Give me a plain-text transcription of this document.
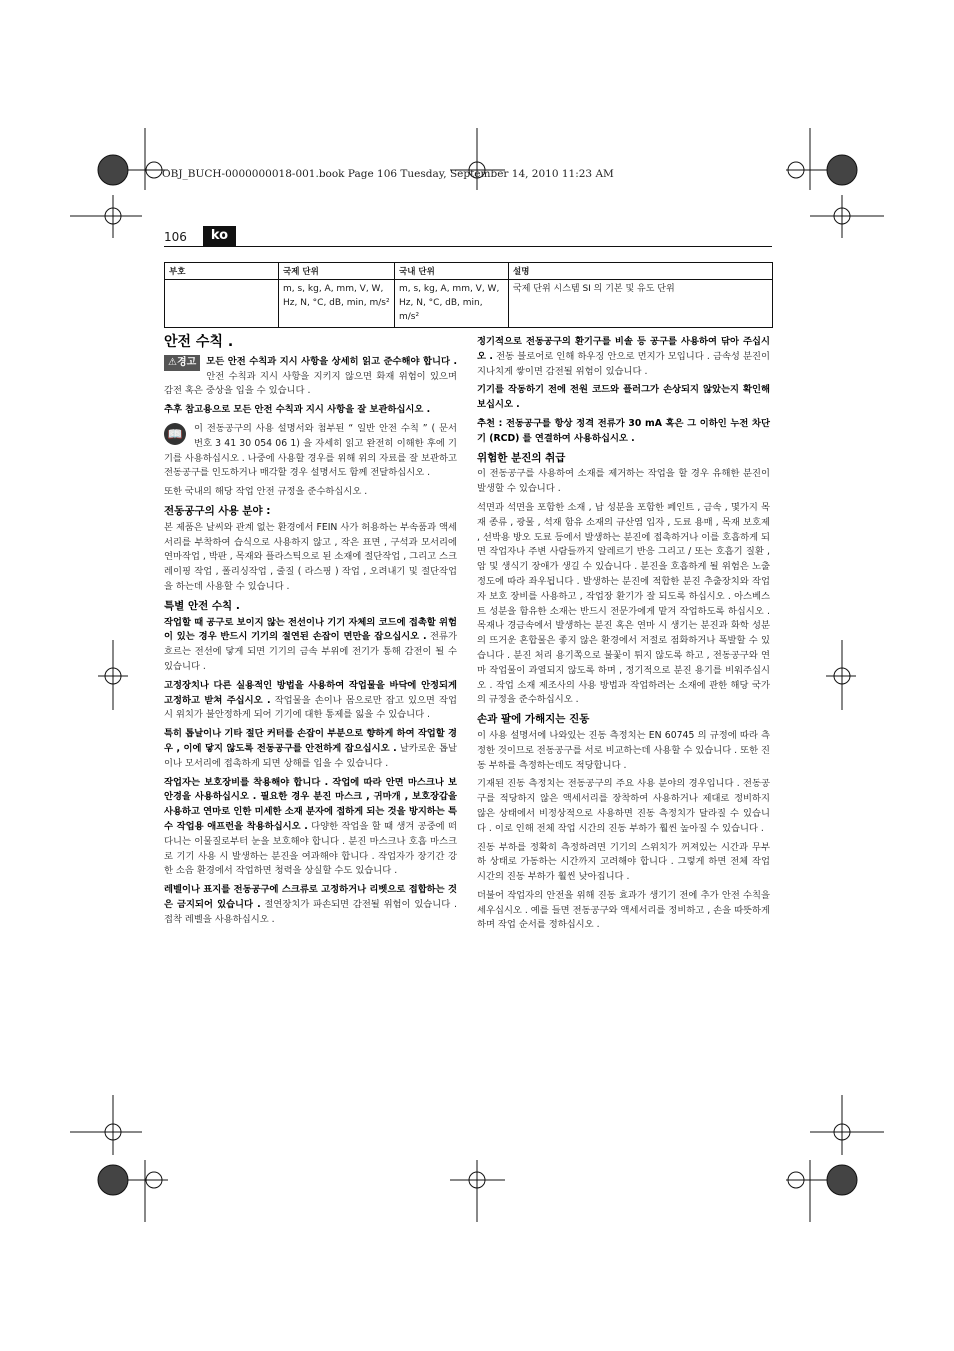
OBJ_BUCH-0000000018-001.book Page 106 Tuesday, September 14, 2010 11:23 AM
106	ko
부호	국제 단위	국내 단위	설명
	m, s, kg, A, mm, V, W, Hz, N, °C, dB, min, m/s²	m, s, kg, A, mm, V, W, Hz, N, °C, dB, min, m/s²	국제 단위 시스템 SI 의 기본 및 유도 단위
안전 수칙 .

⚠경고	모든 안전 수칙과 지시 사항을 상세히 읽고 준수해야 합니다 . 안전 수칙과 지시 사항을 지키지 않으면 화재 위험이 있으며 감전 혹은 중상을 입을 수 있습니다 .

추후 참고용으로 모든 안전 수칙과 지시 사항을 잘 보관하십시오 .

📖	이 전동공구의 사용 설명서와 첨부된 “ 일반 안전 수칙 ” ( 문서 번호 3 41 30 054 06 1) 을 자세히 읽고 완전히 이해한 후에 기기를 사용하십시오 . 나중에 사용할 경우를 위해 위의 자료를 잘 보관하고 전동공구를 인도하거나 매각할 경우 설명서도 함께 전달하십시오 .

또한 국내의 해당 작업 안전 규정을 준수하십시오 .

전동공구의 사용 분야 :

본 제품은 날씨와 관계 없는 환경에서 FEIN 사가 허용하는 부속품과 액세서리를 부착하여 습식으로 사용하지 않고 , 작은 표면 , 구석과 모서리에 연마작업 , 박판 , 목재와 플라스틱으로 된 소재에 절단작업 , 그리고 스크레이핑 작업 , 폴리싱작업 , 줄질 ( 라스핑 ) 작업 , 오려내기 및 절단작업을 하는데 사용할 수 있습니다 .

특별 안전 수칙 .

작업할 때 공구로 보이지 않는 전선이나 기기 자체의 코드에 접촉할 위험이 있는 경우 반드시 기기의 절연된 손잡이 면만을 잡으십시오 . 전류가 흐르는 전선에 닿게 되면 기기의 금속 부위에 전기가 통해 감전이 될 수 있습니다 .

고정장치나 다른 실용적인 방법을 사용하여 작업물을 바닥에 안정되게 고정하고 받쳐 주십시오 . 작업물을 손이나 몸으로만 잡고 있으면 작업 시 위치가 불안정하게 되어 기기에 대한 통제를 잃을 수 있습니다 .

특히 톱날이나 기타 절단 커터를 손잡이 부분으로 향하게 하여 작업할 경우 , 이에 닿지 않도록 전동공구를 안전하게 잡으십시오 . 날카로운 톱날이나 모서리에 접촉하게 되면 상해를 입을 수 있습니다 .

작업자는 보호장비를 착용해야 합니다 . 작업에 따라 안면 마스크나 보안경을 사용하십시오 . 필요한 경우 분진 마스크 , 귀마개 , 보호장갑을 사용하고 연마로 인한 미세한 소재 분자에 접하게 되는 것을 방지하는 특수 작업용 애프런을 착용하십시오 . 다양한 작업을 할 때 생겨 공중에 떠다니는 이물질로부터 눈을 보호해야 합니다 . 분진 마스크나 호흡 마스크로 기기 사용 시 발생하는 분진을 여과해야 합니다 . 작업자가 장기간 강한 소음 환경에서 작업하면 청력을 상실할 수도 있습니다 .

레벨이나 표지를 전동공구에 스크류로 고정하거나 리벳으로 접합하는 것은 금지되어 있습니다 . 절연장치가 파손되면 감전될 위험이 있습니다 . 접착 레벨을 사용하십시오 .

정기적으로 전동공구의 환기구를 비솔 등 공구를 사용하여 닦아 주십시오 . 전동 블로어로 인해 하우징 안으로 먼지가 모입니다 . 금속성 분진이 지나치게 쌓이면 감전될 위험이 있습니다 .

기기를 작동하기 전에 전원 코드와 플러그가 손상되지 않았는지 확인해 보십시오 .

추천 : 전동공구를 항상 정격 전류가 30 mA 혹은 그 이하인 누전 차단기 (RCD) 를 연결하여 사용하십시오 .

위험한 분진의 취급

이 전동공구를 사용하여 소재를 제거하는 작업을 할 경우 유해한 분진이 발생할 수 있습니다 .

석면과 석면을 포함한 소재 , 납 성분을 포함한 페인트 , 금속 , 몇가지 목재 종류 , 광물 , 석재 함유 소재의 규산염 입자 , 도료 용매 , 목재 보호제 , 선박용 방오 도료 등에서 발생하는 분진에 접촉하거나 이를 호흡하게 되면 작업자나 주변 사람들까지 알레르기 반응 그리고 / 또는 호흡기 질환 , 암 및 생식기 장애가 생길 수 있습니다 . 분진을 호흡하게 될 위험은 노출 정도에 따라 좌우됩니다 . 발생하는 분진에 적합한 분진 추출장치와 작업자 보호 장비를 사용하고 , 작업장 환기가 잘 되도록 하십시오 . 아스베스트 성분을 함유한 소재는 반드시 전문가에게 맡겨 작업하도록 하십시오 . 목재나 경금속에서 발생하는 분진 혹은 연마 시 생기는 분진과 화학 성분의 뜨거운 혼합물은 좋지 않은 환경에서 저절로 점화하거나 폭발할 수 있습니다 . 분진 처리 용기쪽으로 불꽃이 튀지 않도록 하고 , 전동공구와 연마 작업물이 과열되지 않도록 하며 , 정기적으로 분진 용기를 비워주십시오 . 작업 소재 제조사의 사용 방법과 작업하려는 소재에 관한 해당 국가의 규정을 준수하십시오 .

손과 팔에 가해지는 진동

이 사용 설명서에 나와있는 진동 측정치는 EN 60745 의 규정에 따라 측정한 것이므로 전동공구를 서로 비교하는데 사용할 수 있습니다 . 또한 진동 부하를 측정하는데도 적당합니다 .

기재된 진동 측정치는 전동공구의 주요 사용 분야의 경우입니다 . 전동공구를 적당하지 않은 액세서리를 장착하여 사용하거나 제대로 정비하지 않은 상태에서 비정상적으로 사용하면 진동 측정치가 달라질 수 있습니다 . 이로 인해 전체 작업 시간의 진동 부하가 훨씬 높아질 수 있습니다 .

진동 부하를 정확히 측정하려면 기기의 스위치가 꺼져있는 시간과 무부하 상태로 가동하는 시간까지 고려해야 합니다 . 그렇게 하면 전체 작업 시간의 진동 부하가 훨씬 낮아집니다 .

더불어 작업자의 안전을 위해 진동 효과가 생기기 전에 추가 안전 수칙을 세우십시오 . 예를 들면 전동공구와 액세서리를 정비하고 , 손을 따뜻하게 하며 작업 순서를 정하십시오 .
